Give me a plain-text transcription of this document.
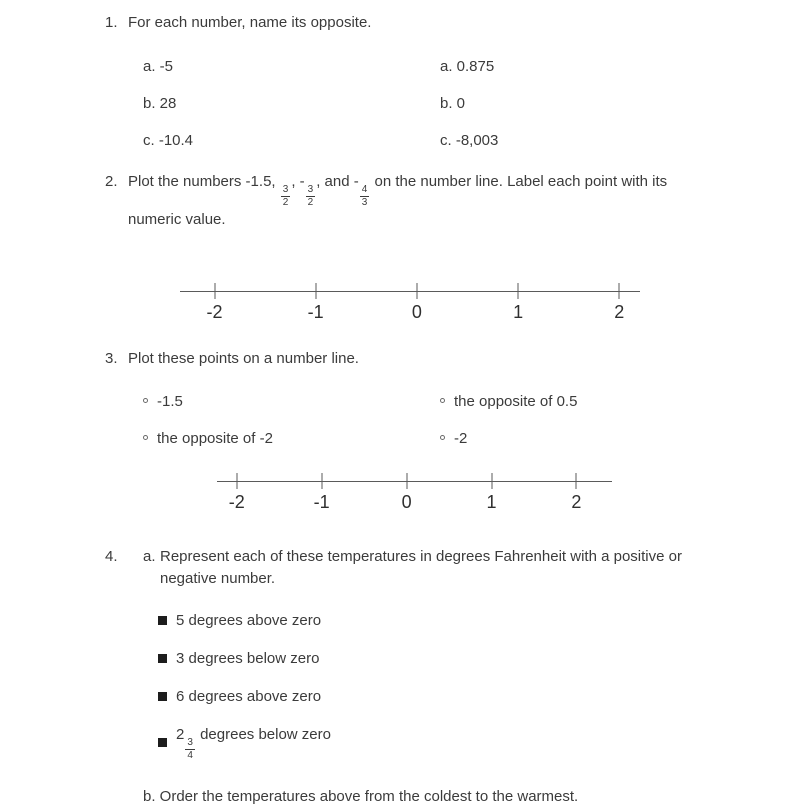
1. For each number, name its opposite.

a. -5	a. 0.875

b. 28	b. 0

c. -10.4	c. -8,003

2. Plot the numbers -1.5,
$\frac{3}{2}$
, -
$\frac{3}{2}$
, and -
$\frac{4}{3}$
on the number line. Label each point with its numeric value.
-2	-1	0	1	2
3. Plot these points on a number line.

-1.5	the opposite of 0.5
the opposite of -2	-2
-2	-1	0	1	2
4.	a. Represent each of these temperatures in degrees Fahrenheit with a positive or negative number.
5 degrees above zero
3 degrees below zero
6 degrees above zero
2
$\frac{3}{4}$
degrees below zero

b. Order the temperatures above from the coldest to the warmest.
